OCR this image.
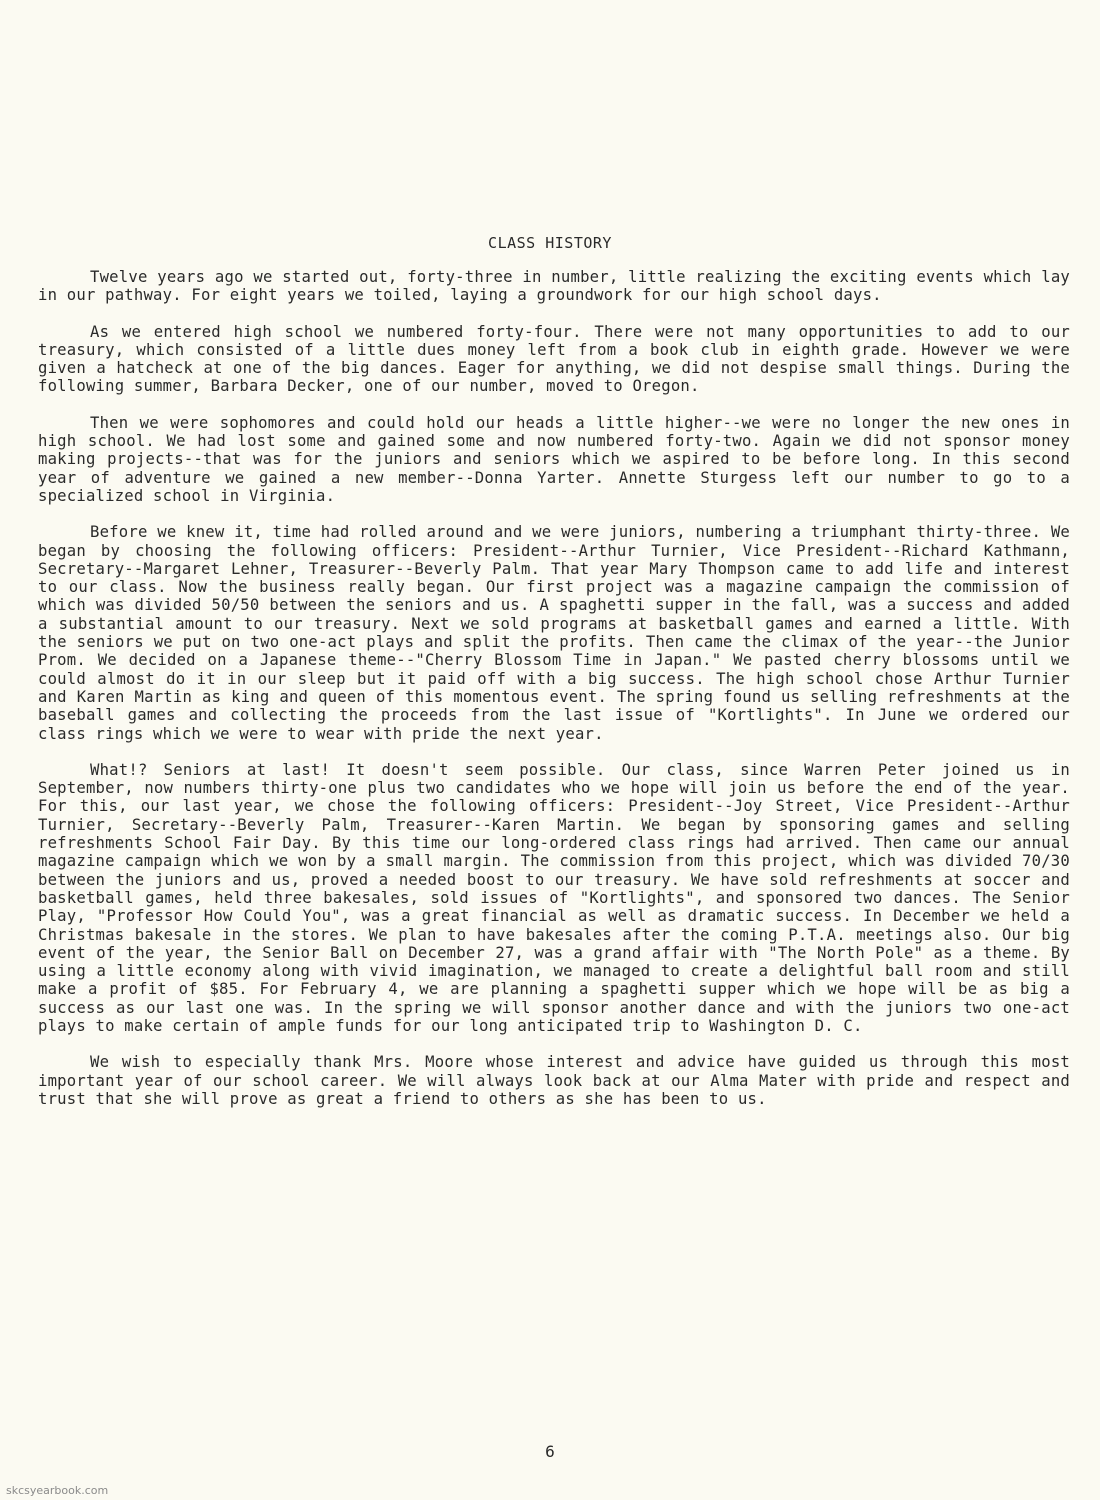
CLASS HISTORY

Twelve years ago we started out, forty-three in number, little realizing the exciting events which lay in our pathway. For eight years we toiled, laying a groundwork for our high school days.

As we entered high school we numbered forty-four. There were not many opportunities to add to our treasury, which consisted of a little dues money left from a book club in eighth grade. However we were given a hatcheck at one of the big dances. Eager for anything, we did not despise small things. During the following summer, Barbara Decker, one of our number, moved to Oregon.

Then we were sophomores and could hold our heads a little higher--we were no longer the new ones in high school. We had lost some and gained some and now numbered forty-two. Again we did not sponsor money making projects--that was for the juniors and seniors which we aspired to be before long. In this second year of adventure we gained a new member--Donna Yarter. Annette Sturgess left our number to go to a specialized school in Virginia.

Before we knew it, time had rolled around and we were juniors, numbering a triumphant thirty-three. We began by choosing the following officers: President--Arthur Turnier, Vice President--Richard Kathmann, Secretary--Margaret Lehner, Treasurer--Beverly Palm. That year Mary Thompson came to add life and interest to our class. Now the business really began. Our first project was a magazine campaign the commission of which was divided 50/50 between the seniors and us. A spaghetti supper in the fall, was a success and added a substantial amount to our treasury. Next we sold programs at basketball games and earned a little. With the seniors we put on two one-act plays and split the profits. Then came the climax of the year--the Junior Prom. We decided on a Japanese theme--"Cherry Blossom Time in Japan." We pasted cherry blossoms until we could almost do it in our sleep but it paid off with a big success. The high school chose Arthur Turnier and Karen Martin as king and queen of this momentous event. The spring found us selling refreshments at the baseball games and collecting the proceeds from the last issue of "Kortlights". In June we ordered our class rings which we were to wear with pride the next year.

What!? Seniors at last! It doesn't seem possible. Our class, since Warren Peter joined us in September, now numbers thirty-one plus two candidates who we hope will join us before the end of the year. For this, our last year, we chose the following officers: President--Joy Street, Vice President--Arthur Turnier, Secretary--Beverly Palm, Treasurer--Karen Martin. We began by sponsoring games and selling refreshments School Fair Day. By this time our long-ordered class rings had arrived. Then came our annual magazine campaign which we won by a small margin. The commission from this project, which was divided 70/30 between the juniors and us, proved a needed boost to our treasury. We have sold refreshments at soccer and basketball games, held three bakesales, sold issues of "Kortlights", and sponsored two dances. The Senior Play, "Professor How Could You", was a great financial as well as dramatic success. In December we held a Christmas bakesale in the stores. We plan to have bakesales after the coming P.T.A. meetings also. Our big event of the year, the Senior Ball on December 27, was a grand affair with "The North Pole" as a theme. By using a little economy along with vivid imagination, we managed to create a delightful ball room and still make a profit of $85. For February 4, we are planning a spaghetti supper which we hope will be as big a success as our last one was. In the spring we will sponsor another dance and with the juniors two one-act plays to make certain of ample funds for our long anticipated trip to Washington D. C.

We wish to especially thank Mrs. Moore whose interest and advice have guided us through this most important year of our school career. We will always look back at our Alma Mater with pride and respect and trust that she will prove as great a friend to others as she has been to us.

6
skcsyearbook.com
